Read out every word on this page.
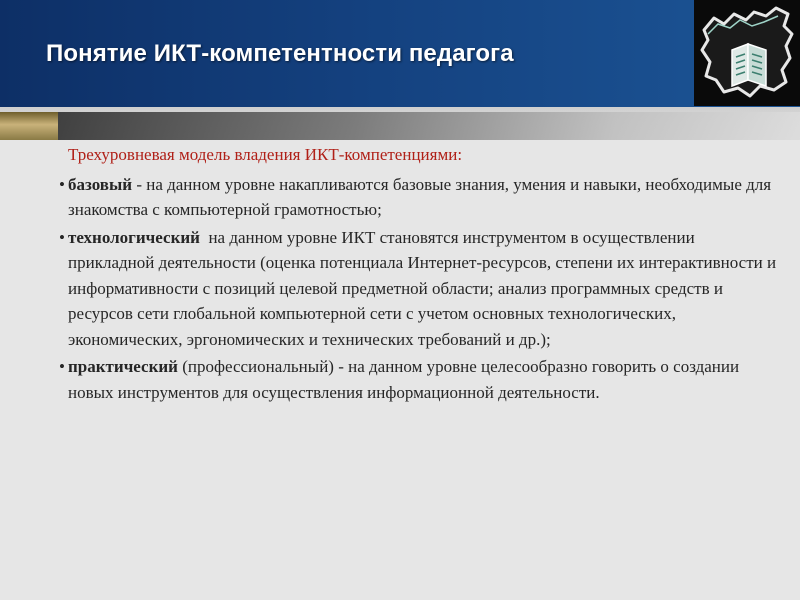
Понятие ИКТ-компетентности педагога

Трехуровневая модель владения ИКТ-компетенциями:

• базовый - на данном уровне накапливаются базовые знания, умения и навыки, необходимые для знакомства с компьютерной грамотностью;

• технологический  на данном уровне ИКТ становятся инструментом в осуществлении прикладной деятельности (оценка потенциала Интернет-ресурсов, степени их интерактивности и информативности с позиций целевой предметной области; анализ программных средств и ресурсов сети глобальной компьютерной сети с учетом основных технологических, экономических, эргономических и технических требований и др.);

• практический (профессиональный) - на данном уровне целесообразно говорить о создании новых инструментов для осуществления информационной деятельности.
